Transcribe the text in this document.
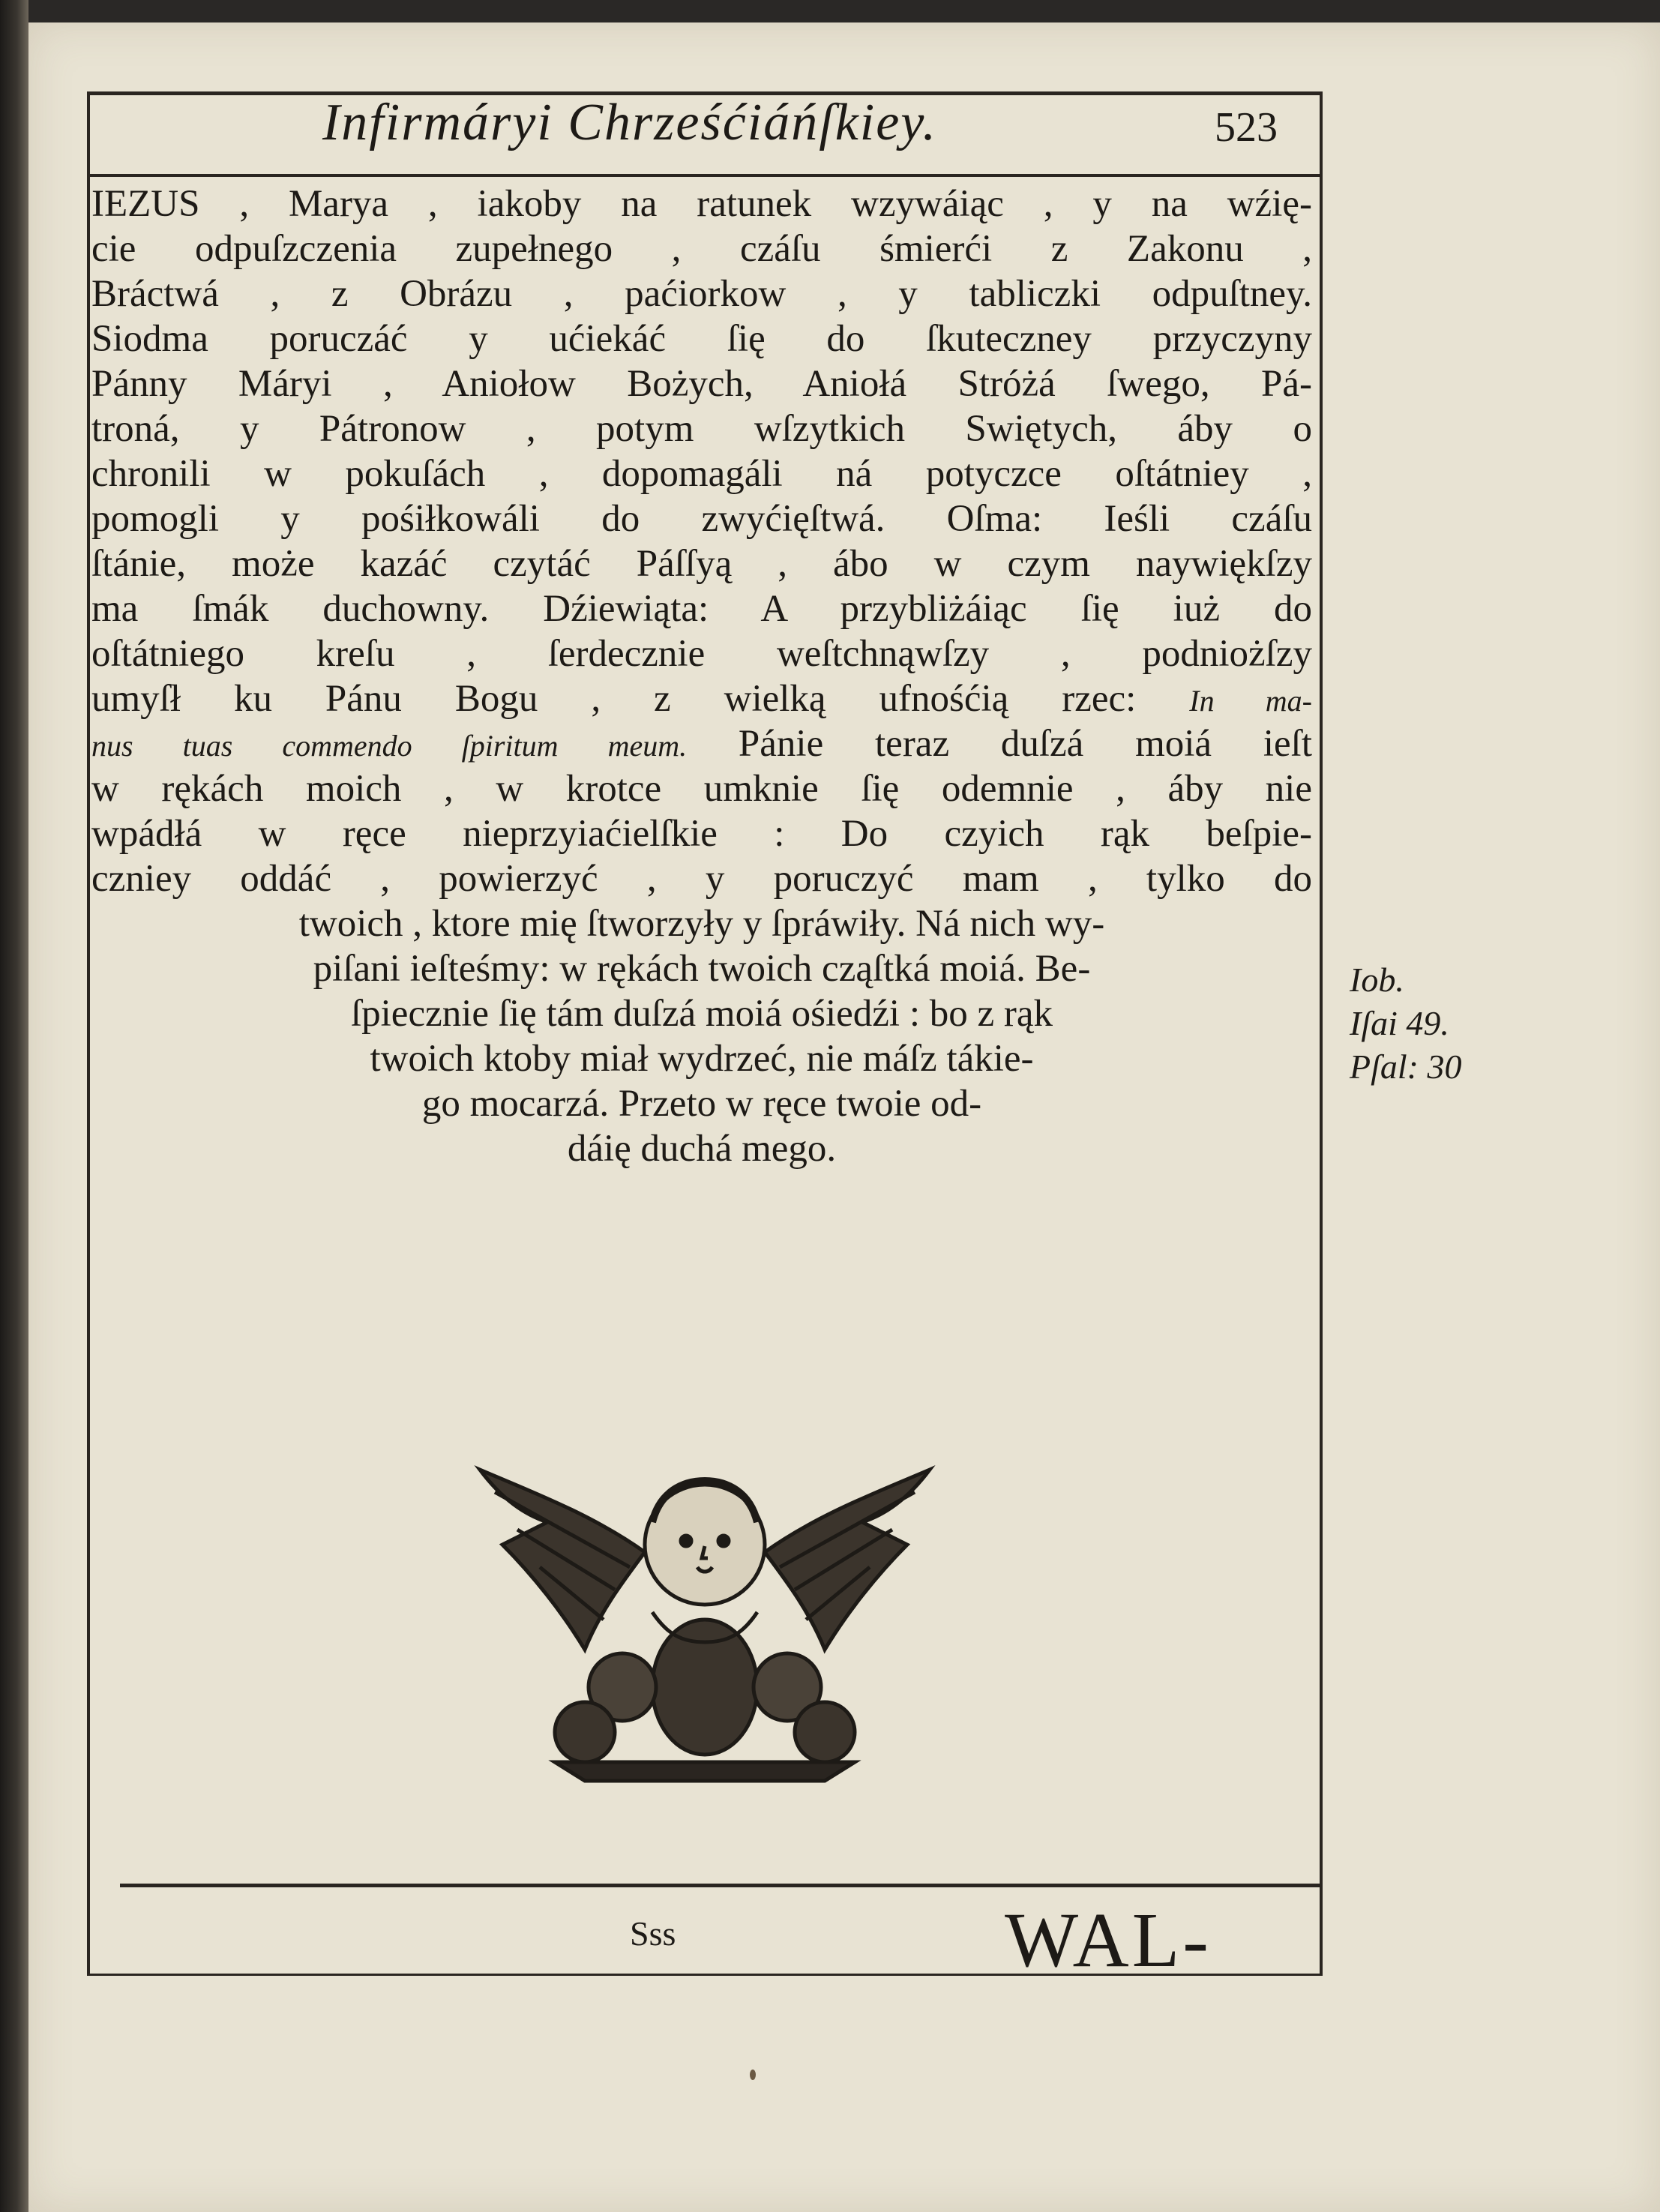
Infirmáryi Chrześćiáńſkiey.	523
IEZUS , Marya , iakoby na ratunek wzywáiąc , y na wźię-
cie odpuſzczenia zupełnego , czáſu śmierći z Zakonu ,
Bráctwá , z Obrázu , paćiorkow , y tabliczki odpuſtney.
Siodma poruczáć y ućiekáć ſię do ſkuteczney przyczyny
Pánny Máryi , Aniołow Bożych, Aniołá Stróżá ſwego, Pá-
troná, y Pátronow , potym wſzytkich Swiętych, áby o
chronili w pokuſách , dopomagáli ná potyczce oſtátniey ,
pomogli y pośiłkowáli do zwyćięſtwá. Oſma: Ieśli czáſu
ſtánie, może kazáć czytáć Páſſyą , ábo w czym naywiękſzy
ma ſmák duchowny. Dźiewiąta: A przybliżáiąc ſię iuż do
oſtátniego kreſu , ſerdecznie weſtchnąwſzy , podniożſzy
umyſł ku Pánu Bogu , z wielką ufnośćią rzec: In ma-
nus tuas commendo ſpiritum meum. Pánie teraz duſzá moiá ieſt
w rękách moich , w krotce umknie ſię odemnie , áby nie
wpádłá w ręce nieprzyiaćielſkie : Do czyich rąk beſpie-
czniey oddáć , powierzyć , y poruczyć mam , tylko do
twoich , ktore mię ſtworzyły y ſpráwiły. Ná nich wy-
piſani ieſteśmy: w rękách twoich cząſtká moiá. Be-
ſpiecznie ſię tám duſzá moiá ośiedźi : bo z rąk
twoich ktoby miał wydrzeć, nie máſz tákie-
go mocarzá. Przeto w ręce twoie od-
dáię duchá mego.
Iob.
Iſai 49.
Pſal: 30
Sss	WAL-
